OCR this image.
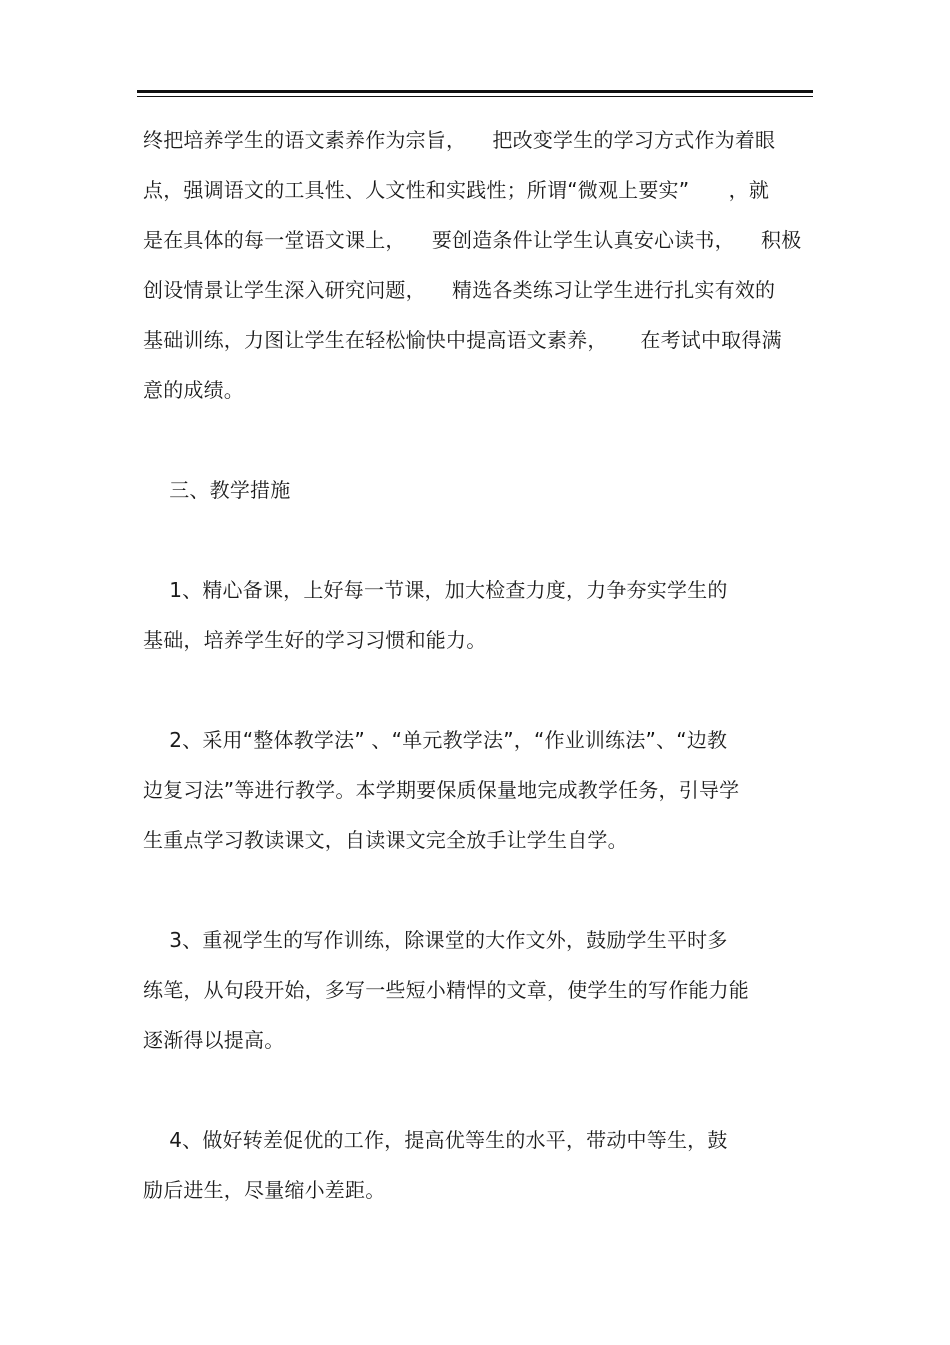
终把培养学生的语文素养作为宗旨，    把改变学生的学习方式作为着眼
点，强调语文的工具性、人文性和实践性；所谓“微观上要实”      ，就
是在具体的每一堂语文课上，    要创造条件让学生认真安心读书，    积极
创设情景让学生深入研究问题，    精选各类练习让学生进行扎实有效的
基础训练，力图让学生在轻松愉快中提高语文素养，     在考试中取得满
意的成绩。
三、教学措施
1、精心备课，上好每一节课，加大检查力度，力争夯实学生的
基础，培养学生好的学习习惯和能力。
2、采用“整体教学法” 、“单元教学法”，“作业训练法”、“边教
边复习法”等进行教学。本学期要保质保量地完成教学任务，引导学
生重点学习教读课文，自读课文完全放手让学生自学。
3、重视学生的写作训练，除课堂的大作文外，鼓励学生平时多
练笔，从句段开始，多写一些短小精悍的文章，使学生的写作能力能
逐渐得以提高。
4、做好转差促优的工作，提高优等生的水平，带动中等生，鼓
励后进生，尽量缩小差距。
